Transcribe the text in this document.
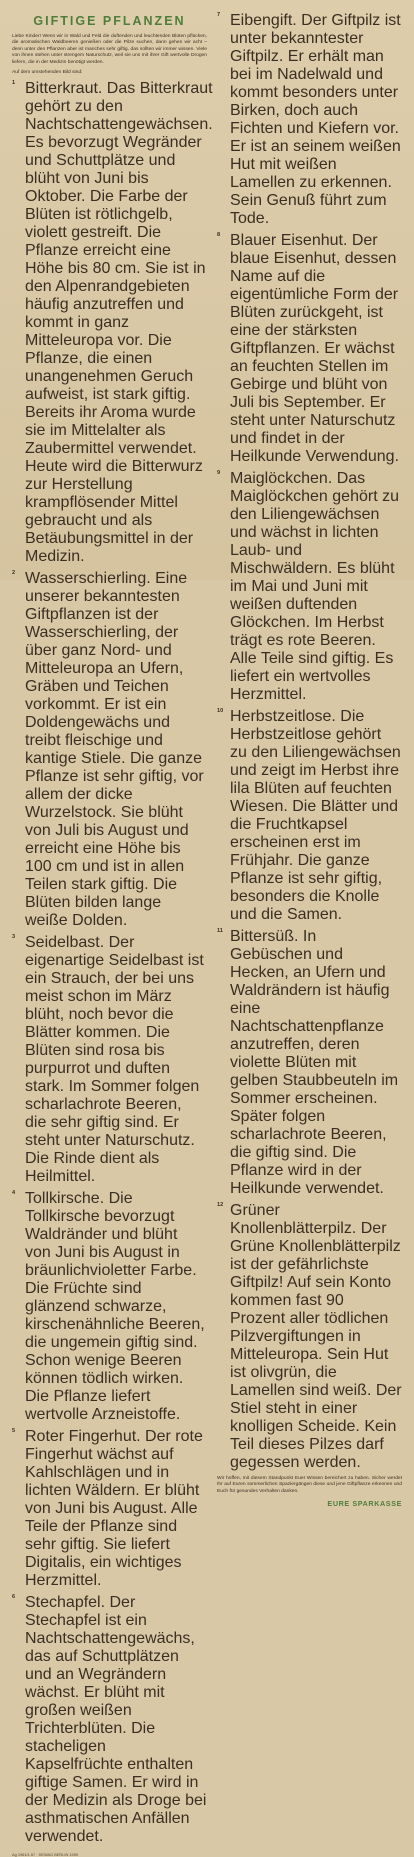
GIFTIGE PFLANZEN

Liebe Kinder! Wenn wir in Wald und Feld die duftenden und leuchtenden Blüten pflücken, die aromatischen Waldbeeren genießen oder die Pilze suchen, dann gehen wir acht – denn unter den Pflanzen aber ist manches sehr giftig, das sollten wir immer wissen. Viele von ihnen stehen unter strengem Naturschutz, weil sie uns mit ihrer Gift wertvolle Drogen liefern, die in der Medizin benötigt werden.

Auf dem umstehenden Bild sind:

1 Bitterkraut. Das Bitterkraut gehört zu den Nachtschattengewächsen. Es bevorzugt Wegränder und Schuttplätze und blüht von Juni bis Oktober. Die Farbe der Blüten ist rötlichgelb, violett gestreift. Die Pflanze erreicht eine Höhe bis 80 cm. Sie ist in den Alpenrandgebieten häufig anzutreffen und kommt in ganz Mitteleuropa vor. Die Pflanze, die einen unangenehmen Geruch aufweist, ist stark giftig. Bereits ihr Aroma wurde sie im Mittelalter als Zaubermittel verwendet. Heute wird die Bitterwurz zur Herstellung krampflösender Mittel gebraucht und als Betäubungsmittel in der Medizin.
2 Wasserschierling. Eine unserer bekanntesten Giftpflanzen ist der Wasserschierling, der über ganz Nord- und Mitteleuropa an Ufern, Gräben und Teichen vorkommt. Er ist ein Doldengewächs und treibt fleischige und kantige Stiele. Die ganze Pflanze ist sehr giftig, vor allem der dicke Wurzelstock. Sie blüht von Juli bis August und erreicht eine Höhe bis 100 cm und ist in allen Teilen stark giftig. Die Blüten bilden lange weiße Dolden.
3 Seidelbast. Der eigenartige Seidelbast ist ein Strauch, der bei uns meist schon im März blüht, noch bevor die Blätter kommen. Die Blüten sind rosa bis purpurrot und duften stark. Im Sommer folgen scharlachrote Beeren, die sehr giftig sind. Er steht unter Naturschutz. Die Rinde dient als Heilmittel.
4 Tollkirsche. Die Tollkirsche bevorzugt Waldränder und blüht von Juni bis August in bräunlichvioletter Farbe. Die Früchte sind glänzend schwarze, kirschenähnliche Beeren, die ungemein giftig sind. Schon wenige Beeren können tödlich wirken. Die Pflanze liefert wertvolle Arzneistoffe.
5 Roter Fingerhut. Der rote Fingerhut wächst auf Kahlschlägen und in lichten Wäldern. Er blüht von Juni bis August. Alle Teile der Pflanze sind sehr giftig. Sie liefert Digitalis, ein wichtiges Herzmittel.
6 Stechapfel. Der Stechapfel ist ein Nachtschattengewächs, das auf Schuttplätzen und an Wegrändern wächst. Er blüht mit großen weißen Trichterblüten. Die stacheligen Kapselfrüchte enthalten giftige Samen. Er wird in der Medizin als Droge bei asthmatischen Anfällen verwendet.
Ag 1961/1 67 · DEWAG BERLIN 1959
7 Eibengift. Der Giftpilz ist unter bekanntester Giftpilz. Er erhält man bei im Nadelwald und kommt besonders unter Birken, doch auch Fichten und Kiefern vor. Er ist an seinem weißen Hut mit weißen Lamellen zu erkennen. Sein Genuß führt zum Tode.
8 Blauer Eisenhut. Der blaue Eisenhut, dessen Name auf die eigentümliche Form der Blüten zurückgeht, ist eine der stärksten Giftpflanzen. Er wächst an feuchten Stellen im Gebirge und blüht von Juli bis September. Er steht unter Naturschutz und findet in der Heilkunde Verwendung.
9 Maiglöckchen. Das Maiglöckchen gehört zu den Liliengewächsen und wächst in lichten Laub- und Mischwäldern. Es blüht im Mai und Juni mit weißen duftenden Glöckchen. Im Herbst trägt es rote Beeren. Alle Teile sind giftig. Es liefert ein wertvolles Herzmittel.
10 Herbstzeitlose. Die Herbstzeitlose gehört zu den Liliengewächsen und zeigt im Herbst ihre lila Blüten auf feuchten Wiesen. Die Blätter und die Fruchtkapsel erscheinen erst im Frühjahr. Die ganze Pflanze ist sehr giftig, besonders die Knolle und die Samen.
11 Bittersüß. In Gebüschen und Hecken, an Ufern und Waldrändern ist häufig eine Nachtschattenpflanze anzutreffen, deren violette Blüten mit gelben Staubbeuteln im Sommer erscheinen. Später folgen scharlachrote Beeren, die giftig sind. Die Pflanze wird in der Heilkunde verwendet.
12 Grüner Knollenblätterpilz. Der Grüne Knollenblätterpilz ist der gefährlichste Giftpilz! Auf sein Konto kommen fast 90 Prozent aller tödlichen Pilzvergiftungen in Mitteleuropa. Sein Hut ist olivgrün, die Lamellen sind weiß. Der Stiel steht in einer knolligen Scheide. Kein Teil dieses Pilzes darf gegessen werden.

Wir hoffen, mit diesem Standpunkt Euer Wissen bereichert zu haben. Sicher werdet Ihr auf Euren sommerlichen Spaziergängen diese und jene Giftpflanze erkennen und Euch für gesundes Verhalten danken.

EURE SPARKASSE
